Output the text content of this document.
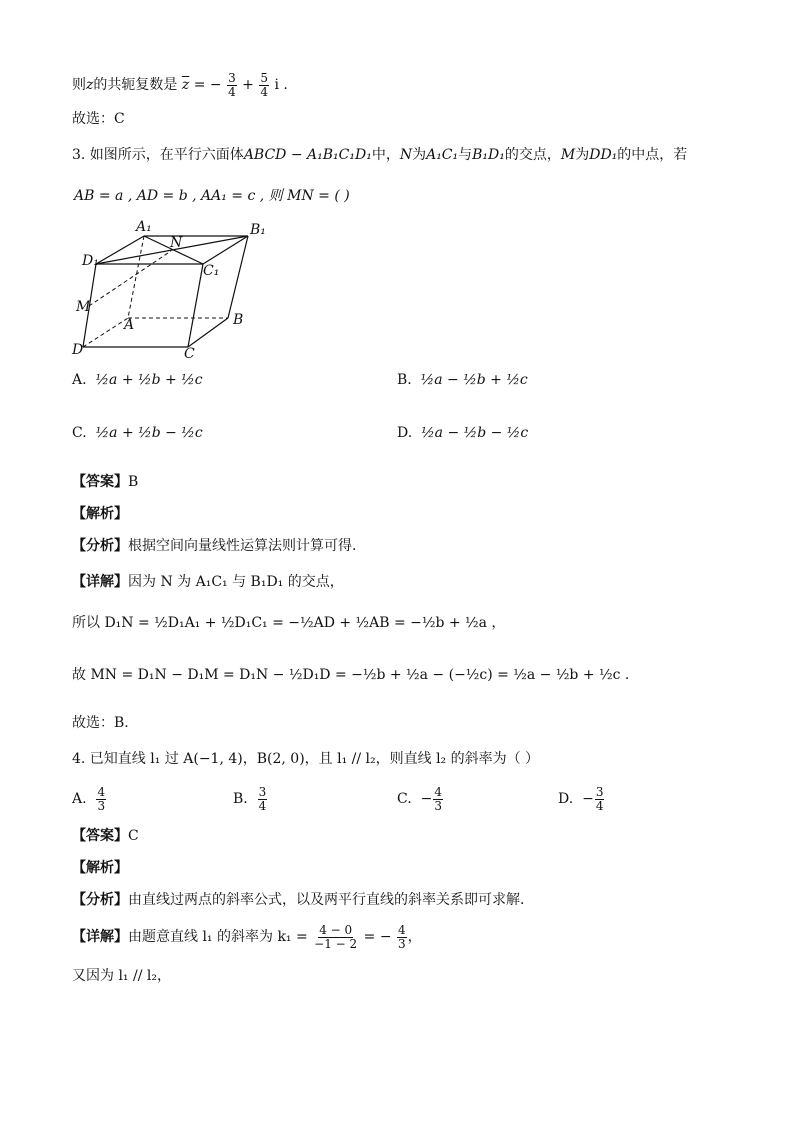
则z的共轭复数是 $\overline{z}$ = − $\frac{3}{4} + \frac{5}{4}$ i .
故选：C
3. 如图所示，在平行六面体ABCD − A₁B₁C₁D₁中，N为A₁C₁与B₁D₁的交点，M为DD₁的中点，若
AB = a , AD = b , AA₁ = c , 则 MN = ( )
A₁	B₁
C₁
D₁
A	B
C
D
M
N
A. ½a + ½b + ½c	B. ½a − ½b + ½c
C. ½a + ½b − ½c	D. ½a − ½b − ½c
【答案】B
【解析】
【分析】根据空间向量线性运算法则计算可得.
【详解】因为 N 为 A₁C₁ 与 B₁D₁ 的交点，
所以 D₁N = ½D₁A₁ + ½D₁C₁ = −½AD + ½AB = −½b + ½a ，
故 MN = D₁N − D₁M = D₁N − ½D₁D = −½b + ½a − (−½c) = ½a − ½b + ½c .
故选：B.
4. 已知直线 l₁ 过 A(−1, 4)，B(2, 0)，且 l₁ // l₂，则直线 l₂ 的斜率为（ ）
A. $\frac{4}{3}$	B. $\frac{3}{4}$	C. − $\frac{4}{3}$	D. − $\frac{3}{4}$
【答案】C
【解析】
【分析】由直线过两点的斜率公式，以及两平行直线的斜率关系即可求解.
【详解】由题意直线 l₁ 的斜率为 $k_1 = \frac{4 - 0}{-1 - 2}$ = − $\frac{4}{3}$ ，
又因为 l₁ // l₂，
